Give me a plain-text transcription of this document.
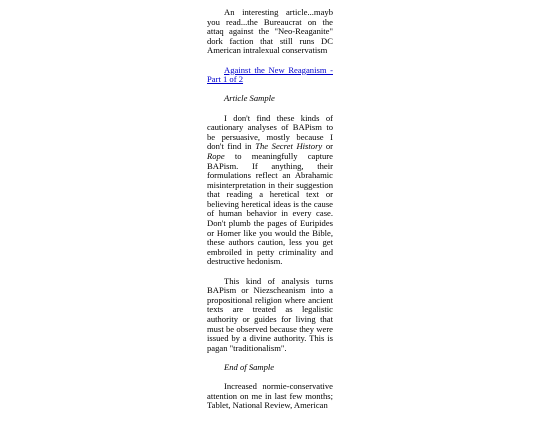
An interesting article...mayb you read...the Bureaucrat on the attaq against the "Neo-Reaganite" dork faction that still runs DC American intralexual conservatism

Against the New Reaganism - Part 1 of 2

Article Sample

I don't find these kinds of cautionary analyses of BAPism to be persuasive, mostly because I don't find in The Secret History or Rope to meaningfully capture BAPism. If anything, their formulations reflect an Abrahamic misinterpretation in their suggestion that reading a heretical text or believing heretical ideas is the cause of human behavior in every case. Don't plumb the pages of Euripides or Homer like you would the Bible, these authors caution, less you get embroiled in petty criminality and destructive hedonism.

This kind of analysis turns BAPism or Niezscheanism into a propositional religion where ancient texts are treated as legalistic authority or guides for living that must be observed because they were issued by a divine authority. This is pagan "traditionalism".

End of Sample

Increased normie-conservative attention on me in last few months; Tablet, National Review, American
